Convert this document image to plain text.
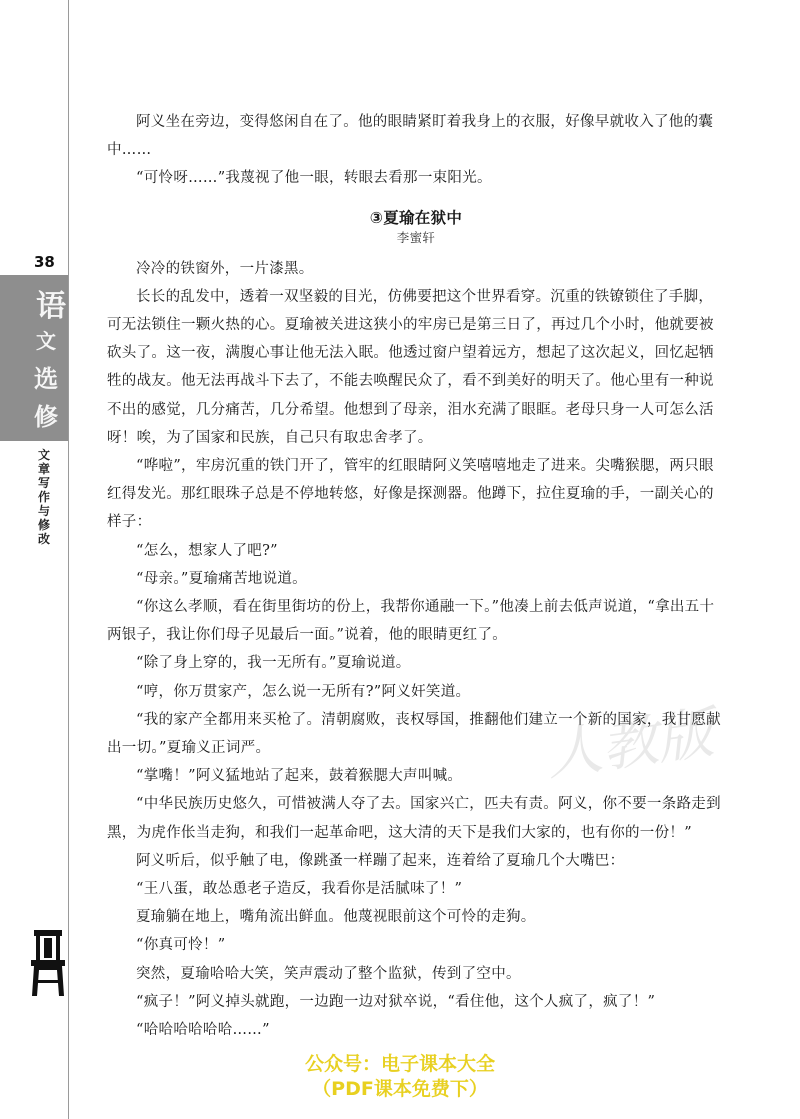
38
语
文
选
修
文章写作与修改
人教版

阿义坐在旁边，变得悠闲自在了。他的眼睛紧盯着我身上的衣服，好像早就收入了他的囊中……

“可怜呀……”我蔑视了他一眼，转眼去看那一束阳光。

③夏瑜在狱中
李蜜轩

冷冷的铁窗外，一片漆黑。

长长的乱发中，透着一双坚毅的目光，仿佛要把这个世界看穿。沉重的铁镣锁住了手脚，可无法锁住一颗火热的心。夏瑜被关进这狭小的牢房已是第三日了，再过几个小时，他就要被砍头了。这一夜，满腹心事让他无法入眠。他透过窗户望着远方，想起了这次起义，回忆起牺牲的战友。他无法再战斗下去了，不能去唤醒民众了，看不到美好的明天了。他心里有一种说不出的感觉，几分痛苦，几分希望。他想到了母亲，泪水充满了眼眶。老母只身一人可怎么活呀！唉，为了国家和民族，自己只有取忠舍孝了。

“哗啦”，牢房沉重的铁门开了，管牢的红眼睛阿义笑嘻嘻地走了进来。尖嘴猴腮，两只眼红得发光。那红眼珠子总是不停地转悠，好像是探测器。他蹲下，拉住夏瑜的手，一副关心的样子：

“怎么，想家人了吧?”

“母亲。”夏瑜痛苦地说道。

“你这么孝顺，看在街里街坊的份上，我帮你通融一下。”他凑上前去低声说道，“拿出五十两银子，我让你们母子见最后一面。”说着，他的眼睛更红了。

“除了身上穿的，我一无所有。”夏瑜说道。

“哼，你万贯家产，怎么说一无所有?”阿义奸笑道。

“我的家产全都用来买枪了。清朝腐败，丧权辱国，推翻他们建立一个新的国家，我甘愿献出一切。”夏瑜义正词严。

“掌嘴！”阿义猛地站了起来，鼓着猴腮大声叫喊。

“中华民族历史悠久，可惜被满人夺了去。国家兴亡，匹夫有责。阿义，你不要一条路走到黑，为虎作伥当走狗，和我们一起革命吧，这大清的天下是我们大家的，也有你的一份！”

阿义听后，似乎触了电，像跳蚤一样蹦了起来，连着给了夏瑜几个大嘴巴：

“王八蛋，敢怂恿老子造反，我看你是活腻味了！”

夏瑜躺在地上，嘴角流出鲜血。他蔑视眼前这个可怜的走狗。

“你真可怜！”

突然，夏瑜哈哈大笑，笑声震动了整个监狱，传到了空中。

“疯子！”阿义掉头就跑，一边跑一边对狱卒说，“看住他，这个人疯了，疯了！”

“哈哈哈哈哈哈……”

公众号：电子课本大全
（PDF课本免费下）
